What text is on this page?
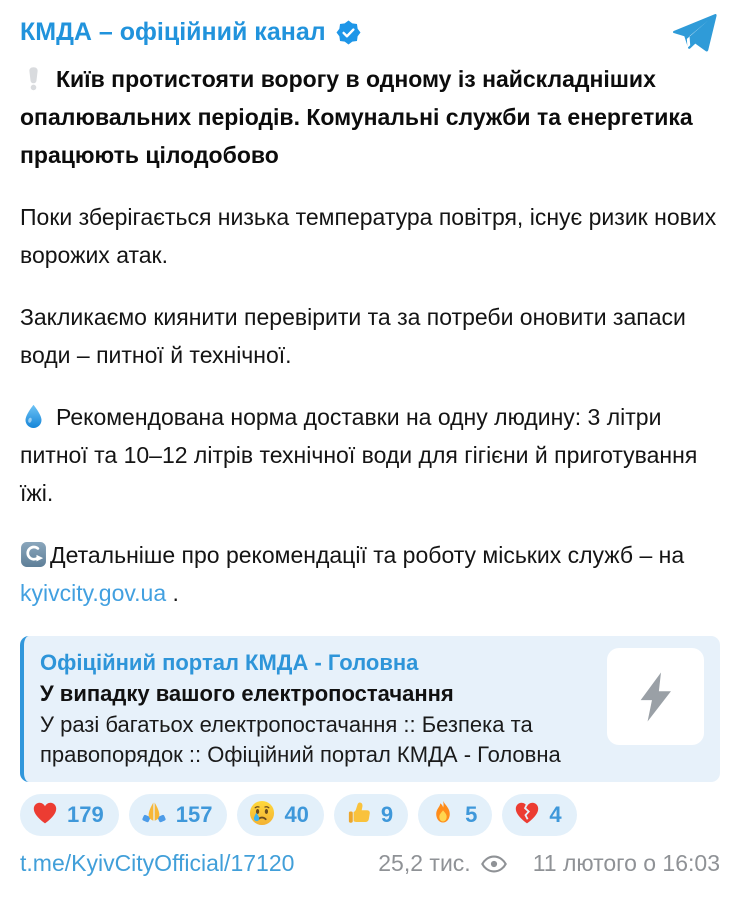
КМДА – офіційний канал

Київ протистояти ворогу в одному із найскладніших опалювальних періодів. Комунальні служби та енергетика працюють цілодобово

Поки зберігається низька температура повітря, існує ризик нових ворожих атак.

Закликаємо киянити перевірити та за потреби оновити запаси води – питної й технічної.

Рекомендована норма доставки на одну людину: 3 літри питної та 10–12 літрів технічної води для гігієни й приготування їжі.

Детальніше про рекомендації та роботу міських служб – на kyivcity.gov.ua .

Офіційний портал КМДА - Головна
У випадку вашого електропостачання
У разі багатьох електропостачання :: Безпека та правопорядок :: Офіційний портал КМДА - Головна
179	157	40	9	5	4
t.me/KyivCityOfficial/17120	25,2 тис.	11 лютого о 16:03
